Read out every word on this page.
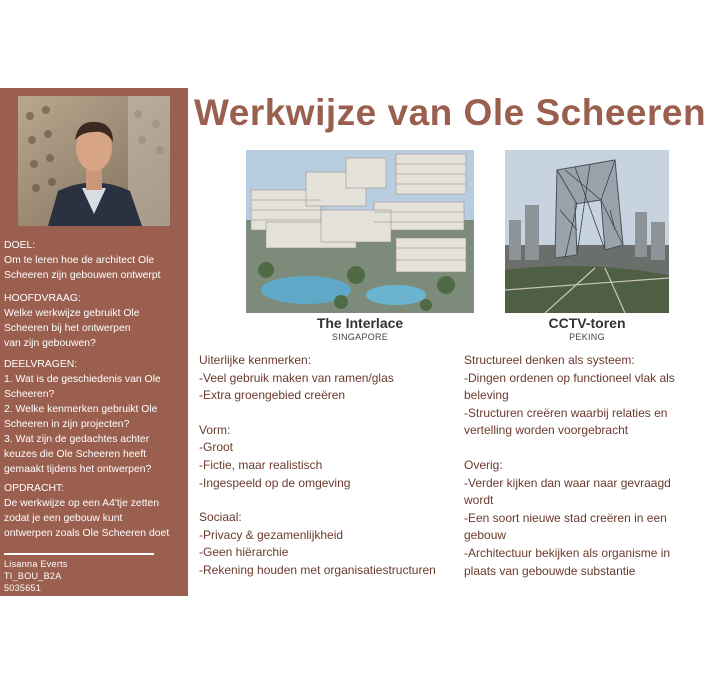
DOEL:
Om te leren hoe de architect Ole
Scheeren zijn gebouwen ontwerpt
HOOFDVRAAG:
Welke werkwijze gebruikt Ole
Scheeren bij het ontwerpen
van zijn gebouwen?
DEELVRAGEN:
1. Wat is de geschiedenis van Ole
Scheeren?
2. Welke kenmerken gebruikt Ole
Scheeren in zijn projecten?
3. Wat zijn de gedachtes achter
keuzes die Ole Scheeren heeft
gemaakt tijdens het ontwerpen?
OPDRACHT:
De werkwijze op een A4'tje zetten
zodat je een gebouw kunt
ontwerpen zoals Ole Scheeren doet
Lisanna Everts
TI_BOU_B2A
5035651
Werkwijze van Ole Scheeren
The Interlace
SINGAPORE
CCTV-toren
PEKING
Uiterlijke kenmerken:
-Veel gebruik maken van ramen/glas
-Extra groengebied creëren
Vorm:
-Groot
-Fictie, maar realistisch
-Ingespeeld op de omgeving
Sociaal:
-Privacy & gezamenlijkheid
-Geen hiërarchie
-Rekening houden met organisatiestructuren
Structureel denken als systeem:
-Dingen ordenen op functioneel vlak als
beleving
-Structuren creëren waarbij relaties en
vertelling worden voorgebracht
Overig:
-Verder kijken dan waar naar gevraagd
wordt
-Een soort nieuwe stad creëren in een
gebouw
-Architectuur bekijken als organisme in
plaats van gebouwde substantie
